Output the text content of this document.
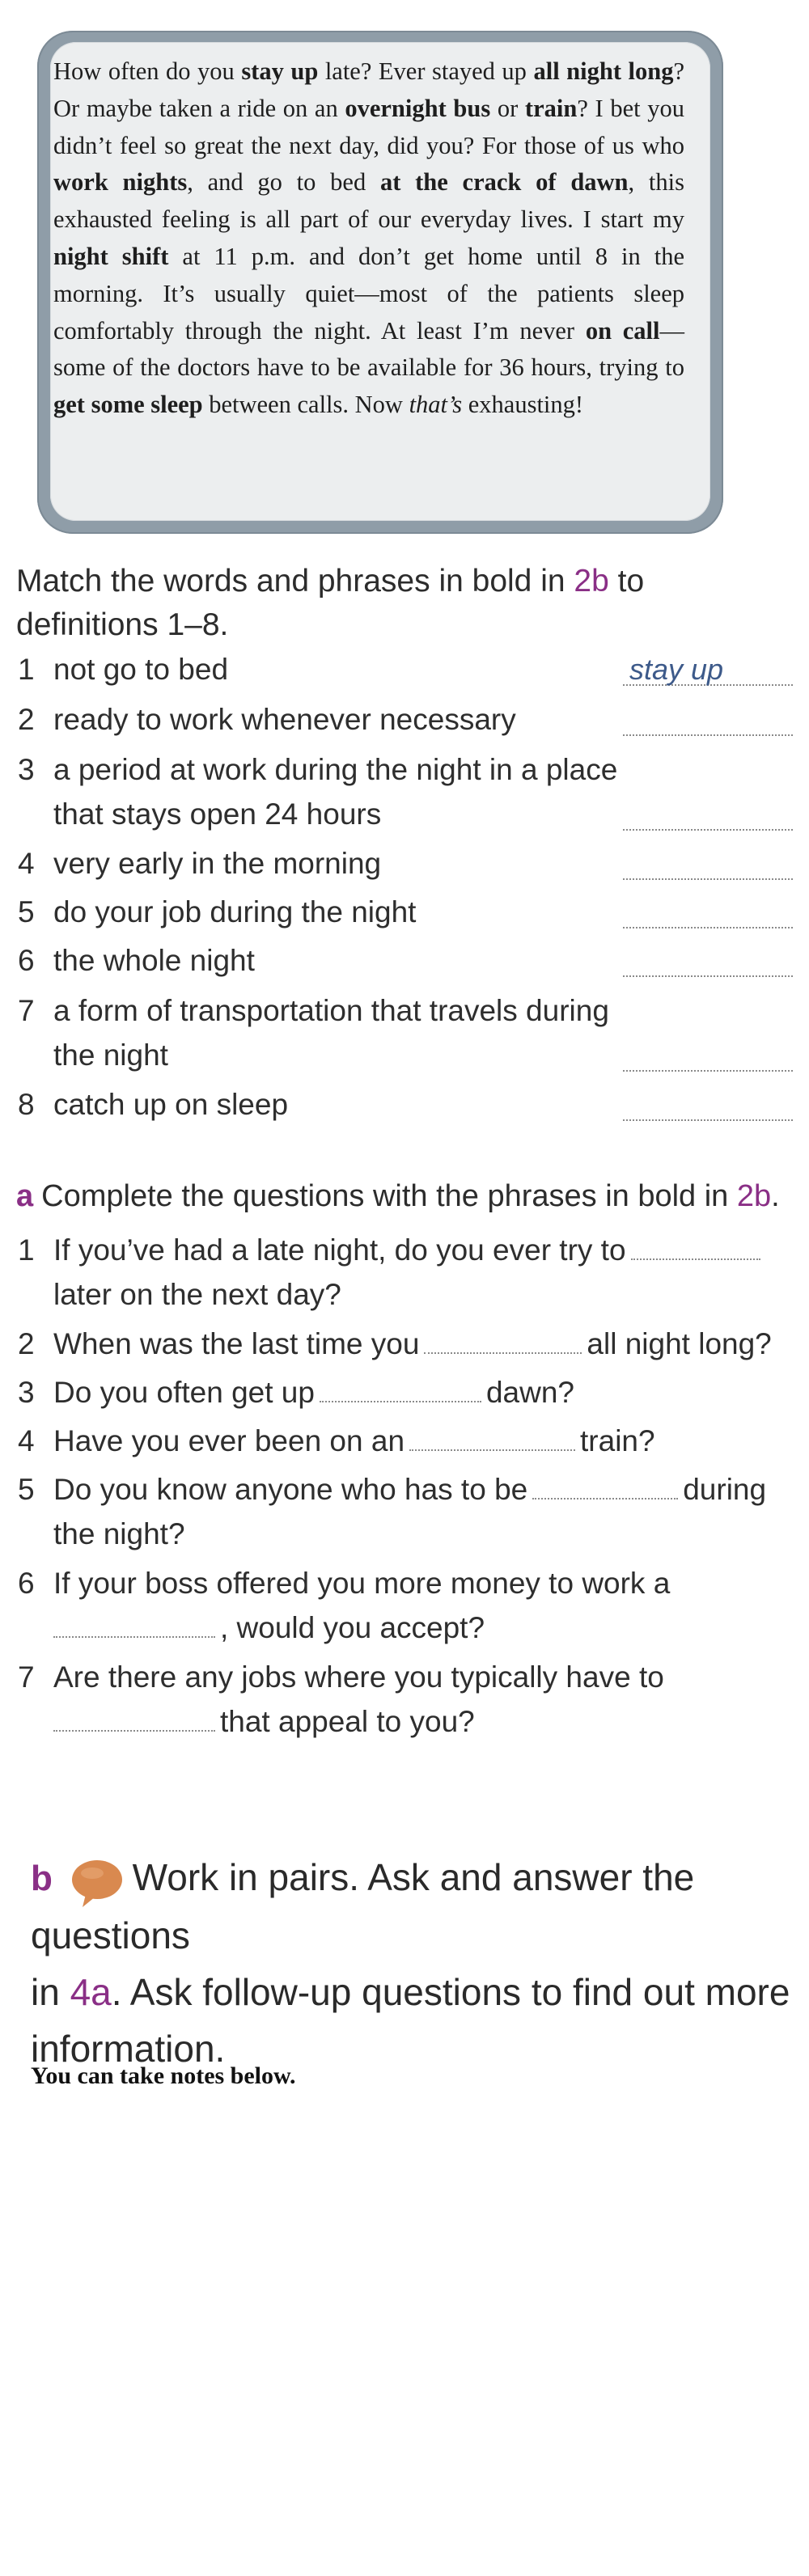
How often do you stay up late? Ever stayed up all night long? Or maybe taken a ride on an overnight bus or train? I bet you didn’t feel so great the next day, did you? For those of us who work nights, and go to bed at the crack of dawn, this exhausted feeling is all part of our everyday lives. I start my night shift at 11 p.m. and don’t get home until 8 in the morning. It’s usually quiet—most of the patients sleep comfortably through the night. At least I’m never on call—some of the doctors have to be available for 36 hours, trying to get some sleep between calls. Now that’s exhausting!
Match the words and phrases in bold in 2b to
definitions 1–8.
1 not go to bed	stay up
2 ready to work whenever necessary
3 a period at work during the night in a place
that stays open 24 hours
4 very early in the morning
5 do your job during the night
6 the whole night
7 a form of transportation that travels during
the night
8 catch up on sleep
a Complete the questions with the phrases in bold in 2b.
1 If you’ve had a late night, do you ever try to
later on the next day?
2 When was the last time you	all night long?
3 Do you often get up	dawn?
4 Have you ever been on an	train?
5 Do you know anyone who has to be	during
the night?
6 If your boss offered you more money to work a
, would you accept?
7 Are there any jobs where you typically have to
that appeal to you?
b Work in pairs. Ask and answer the questions
in 4a. Ask follow-up questions to find out more
information.
You can take notes below.
